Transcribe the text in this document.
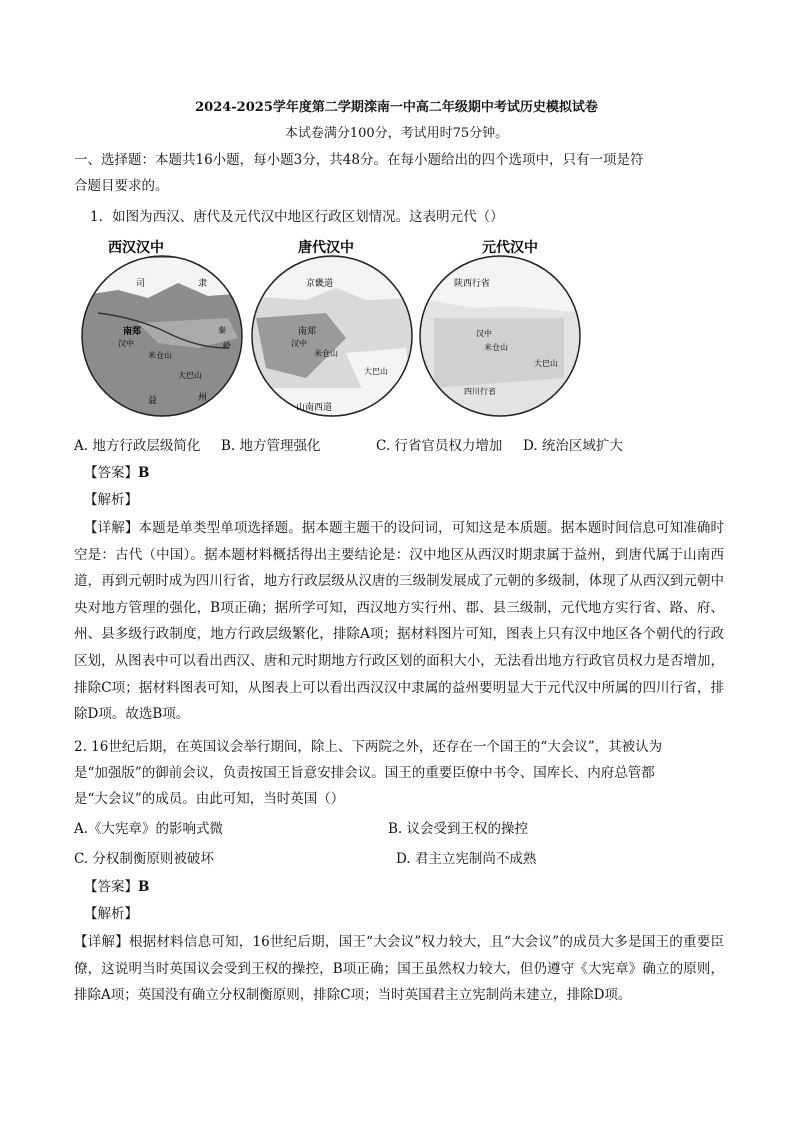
2024-2025学年度第二学期滦南一中高二年级期中考试历史模拟试卷
本试卷满分100分，考试用时75分钟。
一、选择题：本题共16小题，每小题3分，共48分。在每小题给出的四个选项中，只有一项是符
合题目要求的。
1．如图为西汉、唐代及元代汉中地区行政区划情况。这表明元代（）
西汉汉中
司	隶
南郑
汉中
米仓山
大巴山
益	州
秦
岭
唐代汉中
京畿道
南郑
汉中
米仓山
大巴山
山南西道
元代汉中
陕西行省
汉中
米仓山
大巴山
四川行省
A. 地方行政层级简化 B. 地方管理强化	C. 行省官员权力增加 D. 统治区域扩大
【答案】B
【解析】
【详解】本题是单类型单项选择题。据本题主题干的设问词，可知这是本质题。据本题时间信息可知准确时空是：古代（中国）。据本题材料概括得出主要结论是：汉中地区从西汉时期隶属于益州，到唐代属于山南西道，再到元朝时成为四川行省，地方行政层级从汉唐的三级制发展成了元朝的多级制，体现了从西汉到元朝中央对地方管理的强化，B项正确；据所学可知，西汉地方实行州、郡、县三级制，元代地方实行省、路、府、州、县多级行政制度，地方行政层级繁化，排除A项；据材料图片可知，图表上只有汉中地区各个朝代的行政区划，从图表中可以看出西汉、唐和元时期地方行政区划的面积大小，无法看出地方行政官员权力是否增加，排除C项；据材料图表可知，从图表上可以看出西汉汉中隶属的益州要明显大于元代汉中所属的四川行省，排除D项。故选B项。
2. 16世纪后期，在英国议会举行期间，除上、下两院之外，还存在一个国王的“大会议”，其被认为
是“加强版”的御前会议，负责按国王旨意安排会议。国王的重要臣僚中书令、国库长、内府总管都
是“大会议”的成员。由此可知，当时英国（）
A.《大宪章》的影响式微	B. 议会受到王权的操控
C. 分权制衡原则被破坏	D. 君主立宪制尚不成熟
【答案】B
【解析】
【详解】根据材料信息可知，16世纪后期，国王“大会议”权力较大，且“大会议”的成员大多是国王的重要臣僚，这说明当时英国议会受到王权的操控，B项正确；国王虽然权力较大，但仍遵守《大宪章》确立的原则，排除A项；英国没有确立分权制衡原则，排除C项；当时英国君主立宪制尚未建立，排除D项。
